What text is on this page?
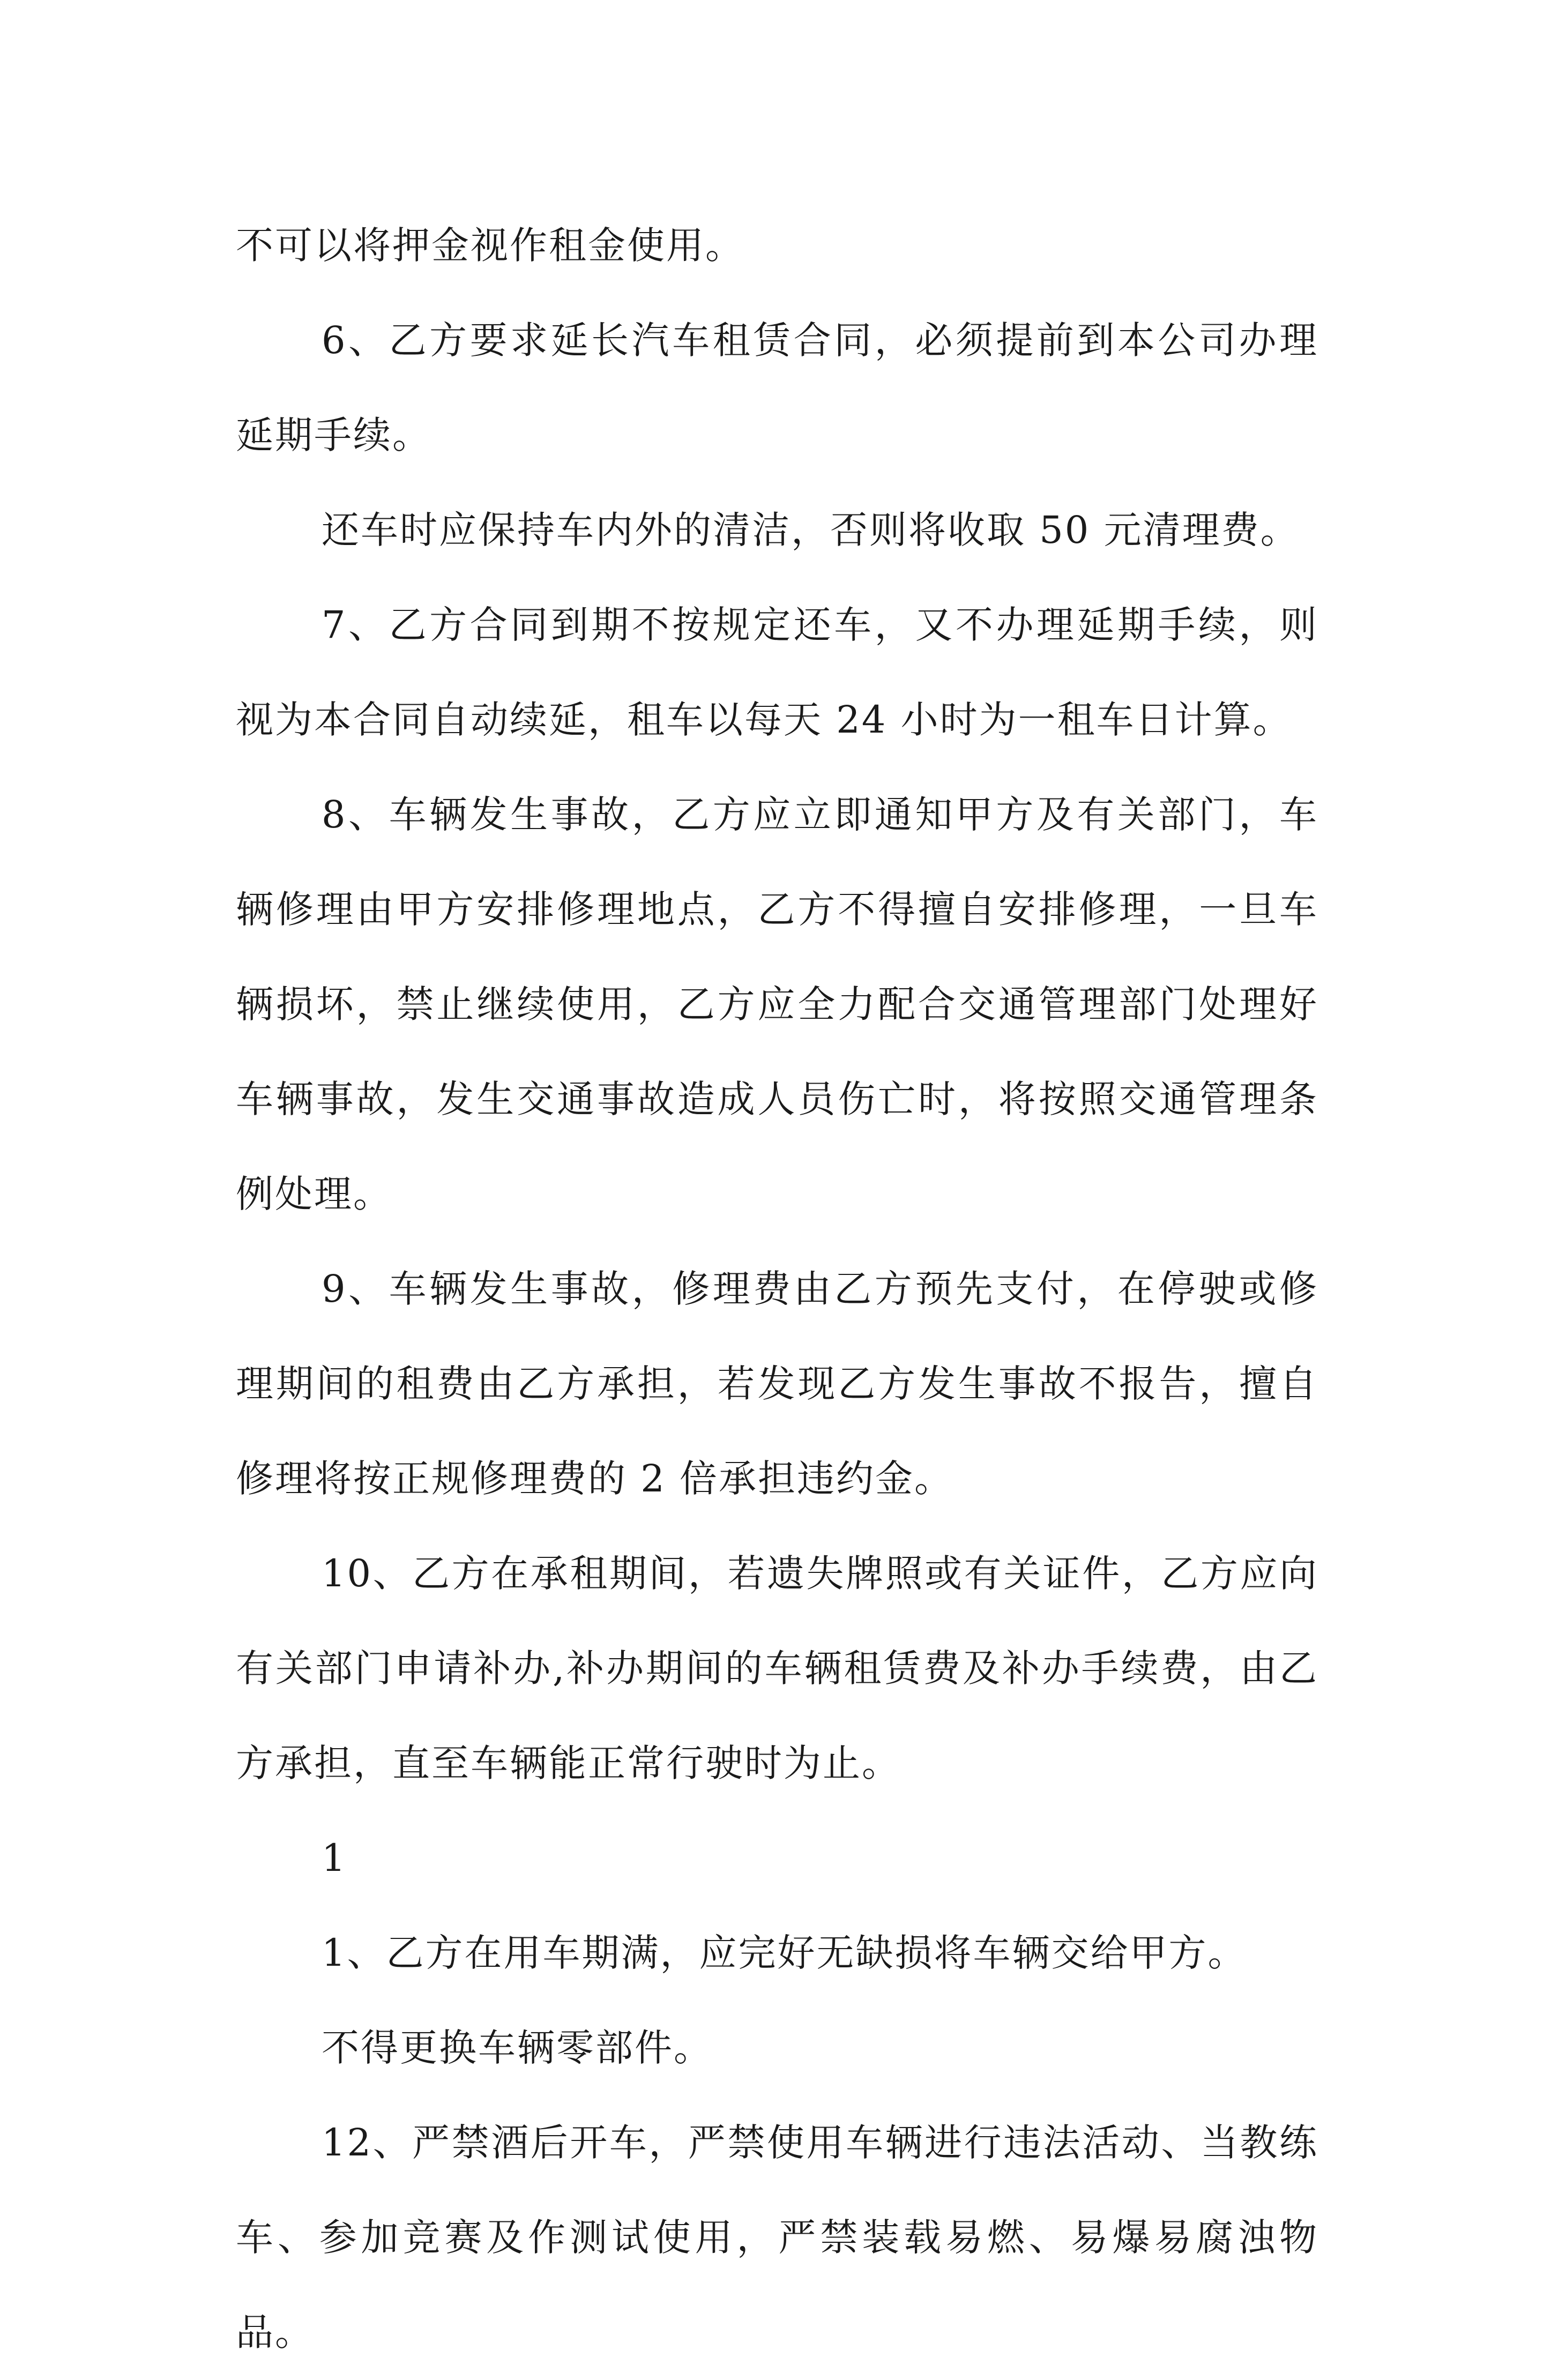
不可以将押金视作租金使用。

6、乙方要求延长汽车租赁合同，必须提前到本公司办理延期手续。

还车时应保持车内外的清洁，否则将收取 50 元清理费。

7、乙方合同到期不按规定还车，又不办理延期手续，则视为本合同自动续延，租车以每天 24 小时为一租车日计算。

8、车辆发生事故，乙方应立即通知甲方及有关部门，车辆修理由甲方安排修理地点，乙方不得擅自安排修理，一旦车辆损坏，禁止继续使用，乙方应全力配合交通管理部门处理好车辆事故，发生交通事故造成人员伤亡时，将按照交通管理条例处理。

9、车辆发生事故，修理费由乙方预先支付，在停驶或修理期间的租费由乙方承担，若发现乙方发生事故不报告，擅自修理将按正规修理费的 2 倍承担违约金。

10、乙方在承租期间，若遗失牌照或有关证件，乙方应向有关部门申请补办,补办期间的车辆租赁费及补办手续费，由乙方承担，直至车辆能正常行驶时为止。

1

1、乙方在用车期满，应完好无缺损将车辆交给甲方。

不得更换车辆零部件。

12、严禁酒后开车，严禁使用车辆进行违法活动、当教练车、参加竞赛及作测试使用，严禁装载易燃、易爆易腐浊物品。
